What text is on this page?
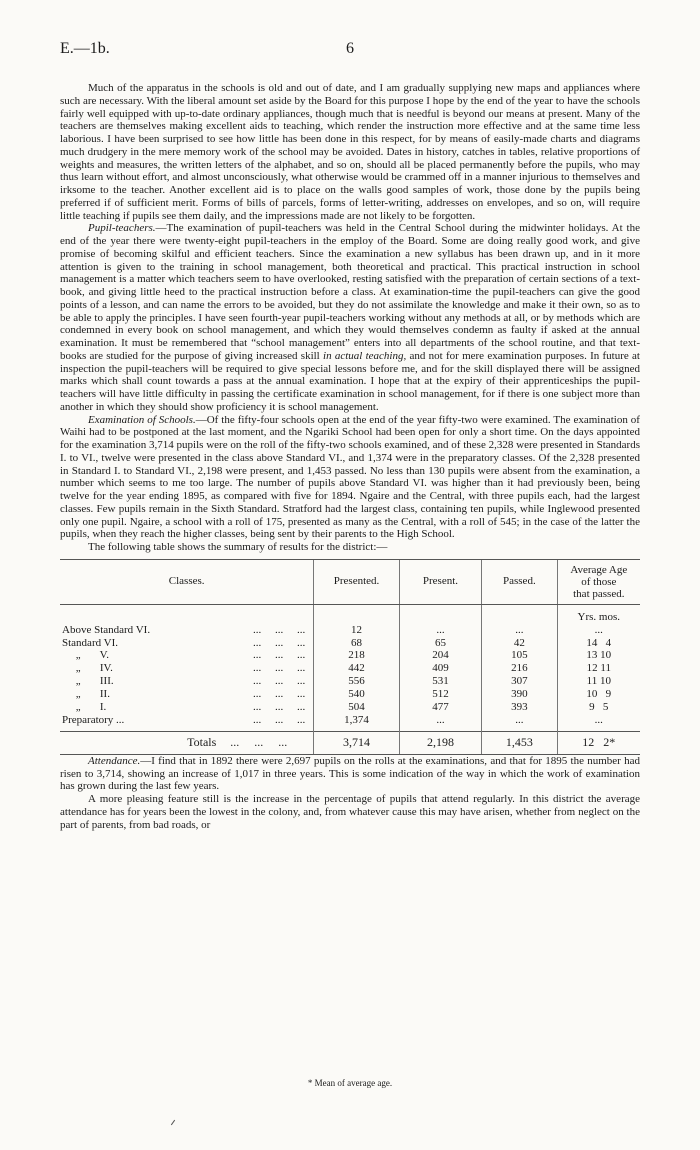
E.—1b.	6

Much of the apparatus in the schools is old and out of date, and I am gradually supplying new maps and appliances where such are necessary. With the liberal amount set aside by the Board for this purpose I hope by the end of the year to have the schools fairly well equipped with up-to-date ordinary appliances, though much that is needful is beyond our means at present. Many of the teachers are themselves making excellent aids to teaching, which render the instruction more effective and at the same time less laborious. I have been surprised to see how little has been done in this respect, for by means of easily-made charts and diagrams much drudgery in the mere memory work of the school may be avoided. Dates in history, catches in tables, relative proportions of weights and measures, the written letters of the alphabet, and so on, should all be placed permanently before the pupils, who may thus learn without effort, and almost unconsciously, what otherwise would be crammed off in a manner injurious to themselves and irksome to the teacher. Another excellent aid is to place on the walls good samples of work, those done by the pupils being preferred if of sufficient merit. Forms of bills of parcels, forms of letter-writing, addresses on envelopes, and so on, will require little teaching if pupils see them daily, and the impressions made are not likely to be forgotten.

Pupil-teachers.—The examination of pupil-teachers was held in the Central School during the midwinter holidays. At the end of the year there were twenty-eight pupil-teachers in the employ of the Board. Some are doing really good work, and give promise of becoming skilful and efficient teachers. Since the examination a new syllabus has been drawn up, and in it more attention is given to the training in school management, both theoretical and practical. This practical instruction in school management is a matter which teachers seem to have overlooked, resting satisfied with the preparation of certain sections of a text-book, and giving little heed to the practical instruction before a class. At examination-time the pupil-teachers can give the good points of a lesson, and can name the errors to be avoided, but they do not assimilate the knowledge and make it their own, so as to be able to apply the principles. I have seen fourth-year pupil-teachers working without any methods at all, or by methods which are condemned in every book on school management, and which they would themselves condemn as faulty if asked at the annual examination. It must be remembered that “school management” enters into all departments of the school routine, and that text-books are studied for the purpose of giving increased skill in actual teaching, and not for mere examination purposes. In future at inspection the pupil-teachers will be required to give special lessons before me, and for the skill displayed there will be assigned marks which shall count towards a pass at the annual examination. I hope that at the expiry of their apprenticeships the pupil-teachers will have little difficulty in passing the certificate examination in school management, for if there is one subject more than another in which they should show proficiency it is school management.

Examination of Schools.—Of the fifty-four schools open at the end of the year fifty-two were examined. The examination of Waihi had to be postponed at the last moment, and the Ngariki School had been open for only a short time. On the days appointed for the examination 3,714 pupils were on the roll of the fifty-two schools examined, and of these 2,328 were presented in Standards I. to VI., twelve were presented in the class above Standard VI., and 1,374 were in the preparatory classes. Of the 2,328 presented in Standard I. to Standard VI., 2,198 were present, and 1,453 passed. No less than 130 pupils were absent from the examination, a number which seems to me too large. The number of pupils above Standard VI. was higher than it had previously been, being twelve for the year ending 1895, as compared with five for 1894. Ngaire and the Central, with three pupils each, had the largest classes. Few pupils remain in the Sixth Standard. Stratford had the largest class, containing ten pupils, while Inglewood presented only one pupil. Ngaire, a school with a roll of 175, presented as many as the Central, with a roll of 545; in the case of the latter the pupils, when they reach the higher classes, being sent by their parents to the High School.

The following table shows the summary of results for the district:—

Classes.	Presented.	Present.	Passed.	Average Age
of those
that passed.

				Yrs. mos.
Above Standard VI. ...     ...     ...	12	...	...	...
Standard VI. ...     ...     ...	68	65	42	14   4
„       V. ...     ...     ...	218	204	105	13 10
„       IV. ...     ...     ...	442	409	216	12 11
„       III. ...     ...     ...	556	531	307	11 10
„       II. ...     ...     ...	540	512	390	10   9
„       I. ...     ...     ...	504	477	393	9   5
Preparatory ... ...     ...     ...	1,374	...	...	...
Totals ...     ...     ...	3,714	2,198	1,453	12   2*

Attendance.—I find that in 1892 there were 2,697 pupils on the rolls at the examinations, and that for 1895 the number had risen to 3,714, showing an increase of 1,017 in three years. This is some indication of the way in which the work of examination has grown during the last few years.

A more pleasing feature still is the increase in the percentage of pupils that attend regularly. In this district the average attendance has for years been the lowest in the colony, and, from whatever cause this may have arisen, whether from neglect on the part of parents, from bad roads, or

* Mean of average age.
